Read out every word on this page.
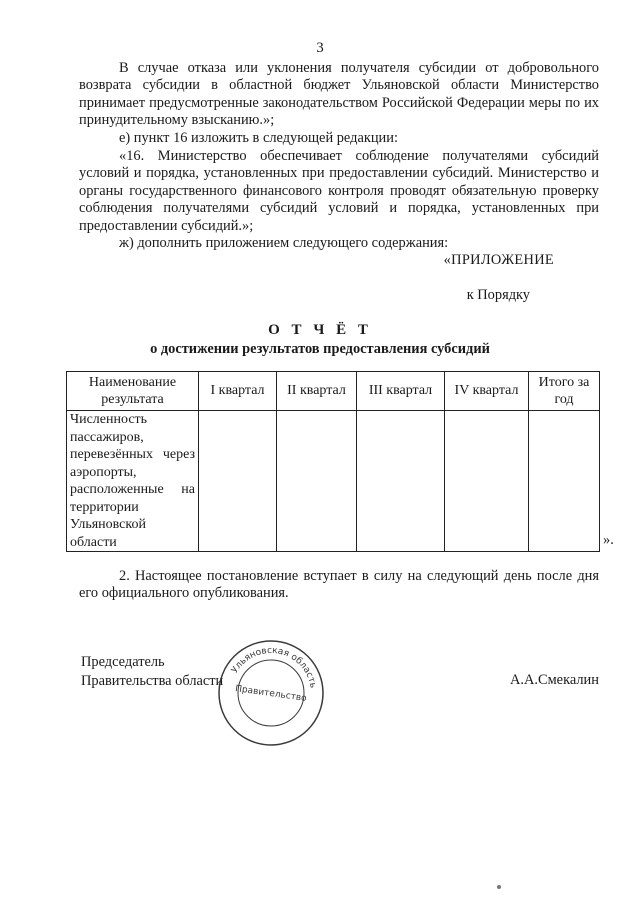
3

В случае отказа или уклонения получателя субсидии от добровольного возврата субсидии в областной бюджет Ульяновской области Министерство принимает предусмотренные законодательством Российской Федерации меры по их принудительному взысканию.»;

е) пункт 16 изложить в следующей редакции:

«16. Министерство обеспечивает соблюдение получателями субсидий условий и порядка, установленных при предоставлении субсидий. Министерство и органы государственного финансового контроля проводят обязательную проверку соблюдения получателями субсидий условий и порядка, установленных при предоставлении субсидий.»;

ж) дополнить приложением следующего содержания:

«ПРИЛОЖЕНИЕ
к Порядку
О Т Ч Ё Т
о достижении результатов предоставления субсидий
Наименование результата	I квартал	II квартал	III квартал	IV квартал	Итого за год
Численность пассажиров, перевезённых через аэропорты, расположенные на территории Ульяновской области						».

2. Настоящее постановление вступает в силу на следующий день после дня его официального опубликования.

Председатель
Правительства области
Ульяновская область
Правительство
А.А.Смекалин
